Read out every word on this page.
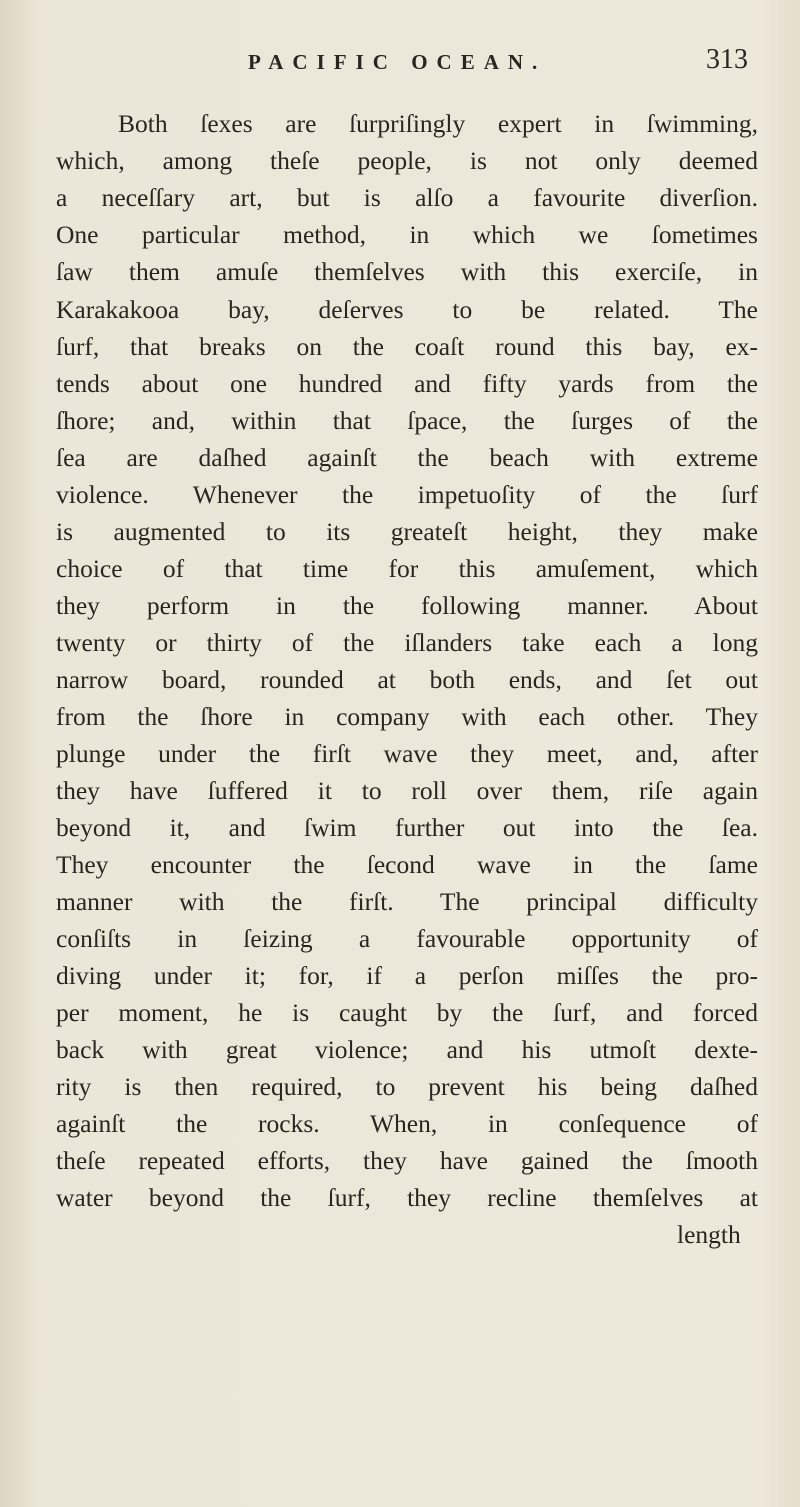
PACIFIC OCEAN.	313
Both ſexes are ſurpriſingly expert in ſwimming,
which, among theſe people, is not only deemed
a neceſſary art, but is alſo a favourite diverſion.
One particular method, in which we ſometimes
ſaw them amuſe themſelves with this exerciſe, in
Karakakooa bay, deſerves to be related. The
ſurf, that breaks on the coaſt round this bay, ex-
tends about one hundred and fifty yards from the
ſhore; and, within that ſpace, the ſurges of the
ſea are daſhed againſt the beach with extreme
violence. Whenever the impetuoſity of the ſurf
is augmented to its greateſt height, they make
choice of that time for this amuſement, which
they perform in the following manner. About
twenty or thirty of the iſlanders take each a long
narrow board, rounded at both ends, and ſet out
from the ſhore in company with each other. They
plunge under the firſt wave they meet, and, after
they have ſuffered it to roll over them, riſe again
beyond it, and ſwim further out into the ſea.
They encounter the ſecond wave in the ſame
manner with the firſt. The principal difficulty
conſiſts in ſeizing a favourable opportunity of
diving under it; for, if a perſon miſſes the pro-
per moment, he is caught by the ſurf, and forced
back with great violence; and his utmoſt dexte-
rity is then required, to prevent his being daſhed
againſt the rocks. When, in conſequence of
theſe repeated efforts, they have gained the ſmooth
water beyond the ſurf, they recline themſelves at
length
